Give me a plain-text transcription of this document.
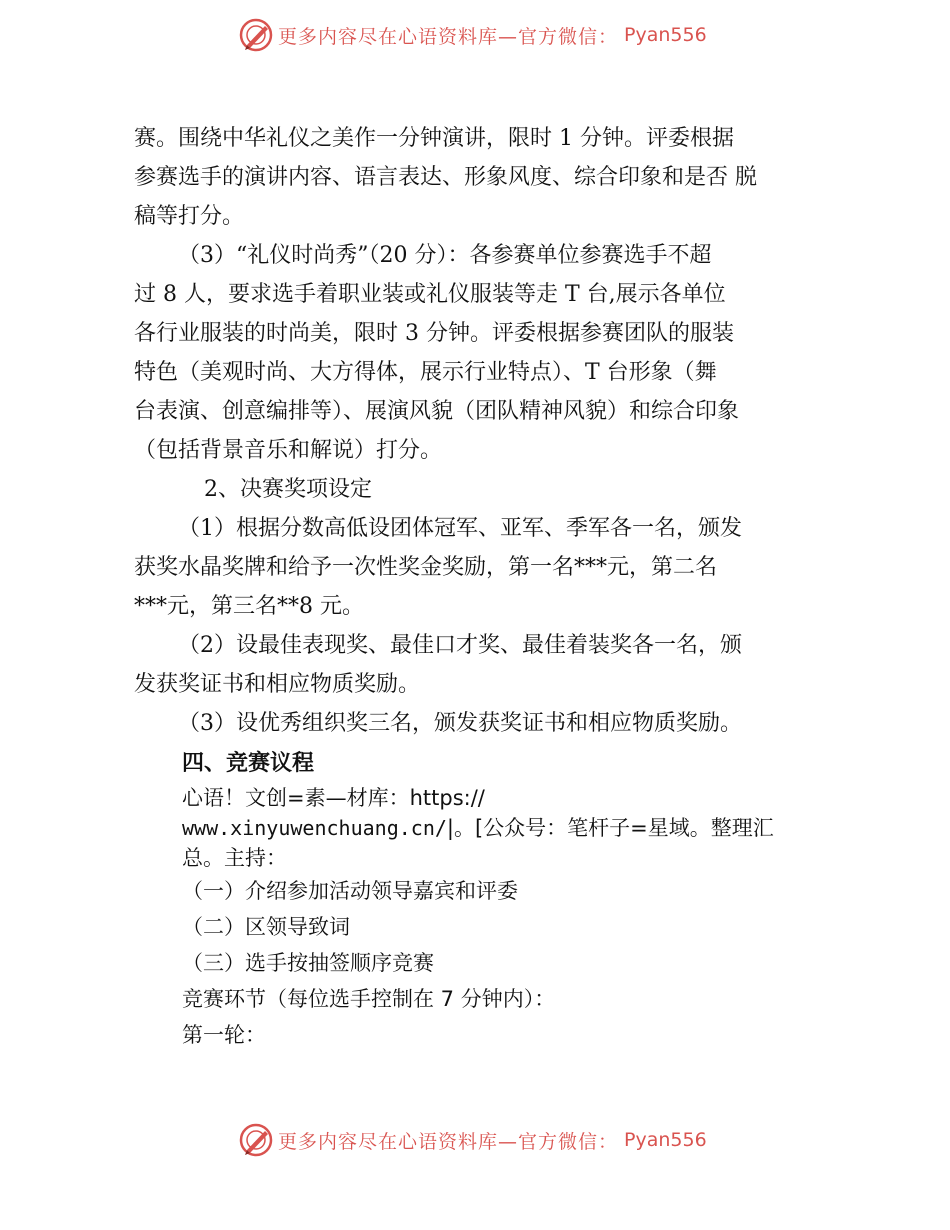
更多内容尽在心语资料库—官方微信： Pyan556

赛。围绕中华礼仪之美作一分钟演讲，限时 1 分钟。评委根据

参赛选手的演讲内容、语言表达、形象风度、综合印象和是否 脱

稿等打分。

（3）“礼仪时尚秀”（20 分）：各参赛单位参赛选手不超

过 8 人，要求选手着职业装或礼仪服装等走 T 台,展示各单位

各行业服装的时尚美，限时 3 分钟。评委根据参赛团队的服装

特色（美观时尚、大方得体，展示行业特点）、T 台形象（舞

台表演、创意编排等）、展演风貌（团队精神风貌）和综合印象

（包括背景音乐和解说）打分。

2、决赛奖项设定

（1）根据分数高低设团体冠军、亚军、季军各一名，颁发

获奖水晶奖牌和给予一次性奖金奖励，第一名***元，第二名

***元，第三名**8 元。

（2）设最佳表现奖、最佳口才奖、最佳着装奖各一名，颁

发获奖证书和相应物质奖励。

（3）设优秀组织奖三名，颁发获奖证书和相应物质奖励。

四、竞赛议程

心语！文创=素—材库：https://

www.xinyuwenchuang.cn/|。[公众号：笔杆子=星域。整理汇

总。主持：

（一）介绍参加活动领导嘉宾和评委

（二）区领导致词

（三）选手按抽签顺序竞赛

竞赛环节（每位选手控制在 7 分钟内）：

第一轮：

更多内容尽在心语资料库—官方微信： Pyan556
